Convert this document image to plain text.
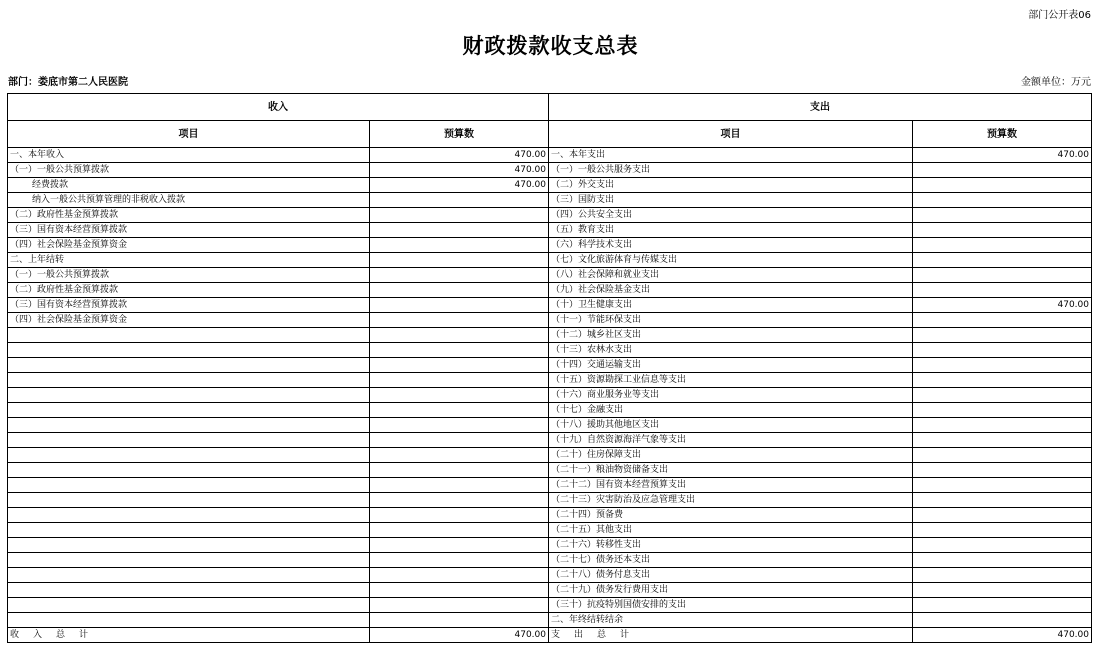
部门公开表06
财政拨款收支总表
部门：娄底市第二人民医院	金额单位：万元
收入		支出	
项目	预算数	项目	预算数
一、本年收入	470.00	一、本年支出	470.00
（一）一般公共预算拨款	470.00	（一）一般公共服务支出	
经费拨款	470.00	（二）外交支出	
纳入一般公共预算管理的非税收入拨款		（三）国防支出	
（二）政府性基金预算拨款		（四）公共安全支出	
（三）国有资本经营预算拨款		（五）教育支出	
（四）社会保险基金预算资金		（六）科学技术支出	
二、上年结转		（七）文化旅游体育与传媒支出	
（一）一般公共预算拨款		（八）社会保障和就业支出	
（二）政府性基金预算拨款		（九）社会保险基金支出	
（三）国有资本经营预算拨款		（十）卫生健康支出	470.00
（四）社会保险基金预算资金		（十一）节能环保支出	
		（十二）城乡社区支出	
		（十三）农林水支出	
		（十四）交通运输支出	
		（十五）资源勘探工业信息等支出	
		（十六）商业服务业等支出	
		（十七）金融支出	
		（十八）援助其他地区支出	
		（十九）自然资源海洋气象等支出	
		（二十）住房保障支出	
		（二十一）粮油物资储备支出	
		（二十二）国有资本经营预算支出	
		（二十三）灾害防治及应急管理支出	
		（二十四）预备费	
		（二十五）其他支出	
		（二十六）转移性支出	
		（二十七）债务还本支出	
		（二十八）债务付息支出	
		（二十九）债务发行费用支出	
		（三十）抗疫特别国债安排的支出	
		二、年终结转结余	
收入总计	470.00	支出总计	470.00
